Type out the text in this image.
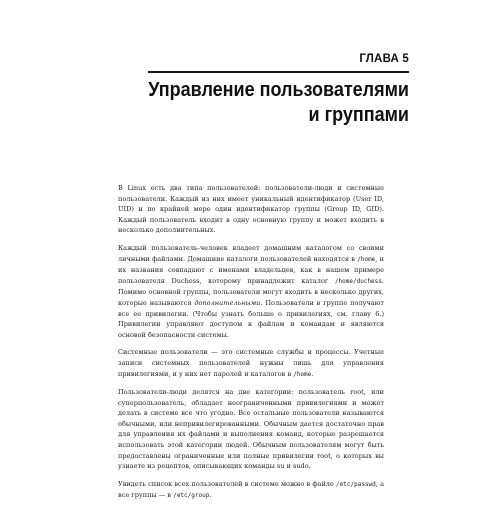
ГЛАВА 5
Управление пользователями
и группами

В Linux есть два типа пользователей: пользователи-люди и системные пользователи. Каждый из них имеет уникальный идентификатор (User ID, UID) и по крайней мере один идентификатор группы (Group ID, GID). Каждый пользователь входит в одну основную группу и может входить в несколько дополнительных.

Каждый пользователь-человек владеет домашним каталогом со своими личными файлами. Домашние каталоги пользователей находятся в /home, и их названия совпадают с именами владельцев, как в нашем примере пользователя Duchess, которому принадлежит каталог /home/duchess. Помимо основной группы, пользователи могут входить в несколько других, которые называются дополнительными. Пользователи в группе получают все ее привилегии. (Чтобы узнать больше о привилегиях, см. главу 6.) Привилегии управляют доступом к файлам и командам и являются основой безопасности системы.

Системные пользователи — это системные службы и процессы. Учетные записи системных пользователей нужны лишь для управления привилегиями, и у них нет паролей и каталогов в /home.

Пользователи-люди делятся на две категории: пользователь root, или суперпользователь, обладает неограниченными привилегиями и может делать в системе все что угодно. Все остальные пользователи называются обычными, или непривилегированными. Обычным дается достаточно прав для управления их файлами и выполнения команд, которые разрешается использовать этой категории людей. Обычным пользователям могут быть предоставлены ограниченные или полные привилегии root, о которых вы узнаете из рецептов, описывающих команды su и sudo.

Увидеть список всех пользователей в системе можно в файле /etc/passwd, а все группы — в /etc/group.
